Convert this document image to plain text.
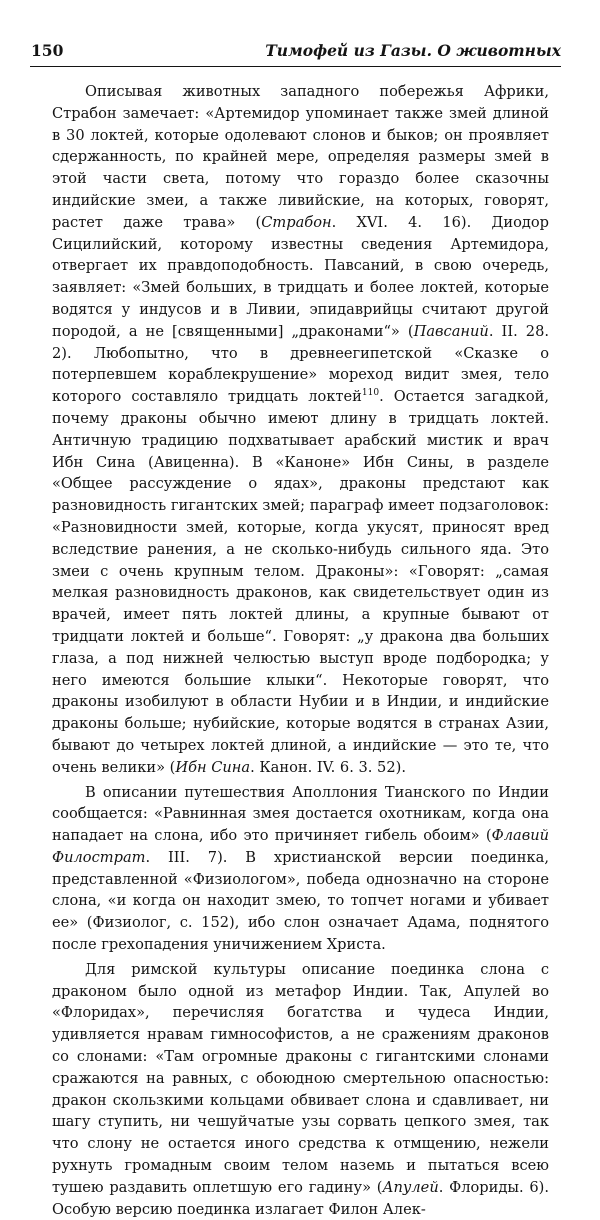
150	Тимофей из Газы. О животных

Описывая животных западного побережья Африки, Страбон замечает: «Артемидор упоминает также змей длиной в 30 локтей, которые одолевают слонов и быков; он проявляет сдержанность, по крайней мере, определяя размеры змей в этой части света, потому что гораздо более сказочны индийские змеи, а также ливийские, на которых, говорят, растет даже трава» (Страбон. XVI. 4. 16). Диодор Сицилийский, которому известны сведения Артемидора, отвергает их правдоподобность. Павсаний, в свою очередь, заявляет: «Змей больших, в тридцать и более локтей, которые водятся у индусов и в Ливии, эпидаврийцы считают другой породой, а не [священными] „драконами“» (Павсаний. II. 28. 2). Любопытно, что в древнеегипетской «Сказке о потерпевшем кораблекрушение» мореход видит змея, тело которого составляло тридцать локтей$^{110}$. Остается загадкой, почему драконы обычно имеют длину в тридцать локтей. Античную традицию подхватывает арабский мистик и врач Ибн Сина (Авиценна). В «Каноне» Ибн Сины, в разделе «Общее рассуждение о ядах», драконы предстают как разновидность гигантских змей; параграф имеет подзаголовок: «Разновидности змей, которые, когда укусят, приносят вред вследствие ранения, а не сколько-нибудь сильного яда. Это змеи с очень крупным телом. Драконы»: «Говорят: „самая мелкая разновидность драконов, как свидетельствует один из врачей, имеет пять локтей длины, а крупные бывают от тридцати локтей и больше“. Говорят: „у дракона два больших глаза, а под нижней челюстью выступ вроде подбородка; у него имеются большие клыки“. Некоторые говорят, что драконы изобилуют в области Нубии и в Индии, и индийские драконы больше; нубийские, которые водятся в странах Азии, бывают до четырех локтей длиной, а индийские — это те, что очень велики» (Ибн Сина. Канон. IV. 6. 3. 52).

В описании путешествия Аполлония Тианского по Индии сообщается: «Равнинная змея достается охотникам, когда она нападает на слона, ибо это причиняет гибель обоим» (Флавий Филострат. III. 7). В христианской версии поединка, представленной «Физиологом», победа однозначно на стороне слона, «и когда он находит змею, то топчет ногами и убивает ее» (Физиолог, с. 152), ибо слон означает Адама, поднятого после грехопадения уничижением Христа.

Для римской культуры описание поединка слона с драконом было одной из метафор Индии. Так, Апулей во «Флоридах», перечисляя богатства и чудеса Индии, удивляется нравам гимнософистов, а не сражениям драконов со слонами: «Там огромные драконы с гигантскими слонами сражаются на равных, с обоюдною смертельною опасностью: дракон скользкими кольцами обвивает слона и сдавливает, ни шагу ступить, ни чешуйчатые узы сорвать цепкого змея, так что слону не остается иного средства к отмщению, нежели рухнуть громадным своим телом наземь и пытаться всею тушею раздавить оплетшую его гадину» (Апулей. Флориды. 6). Особую версию поединка излагает Филон Алек-
